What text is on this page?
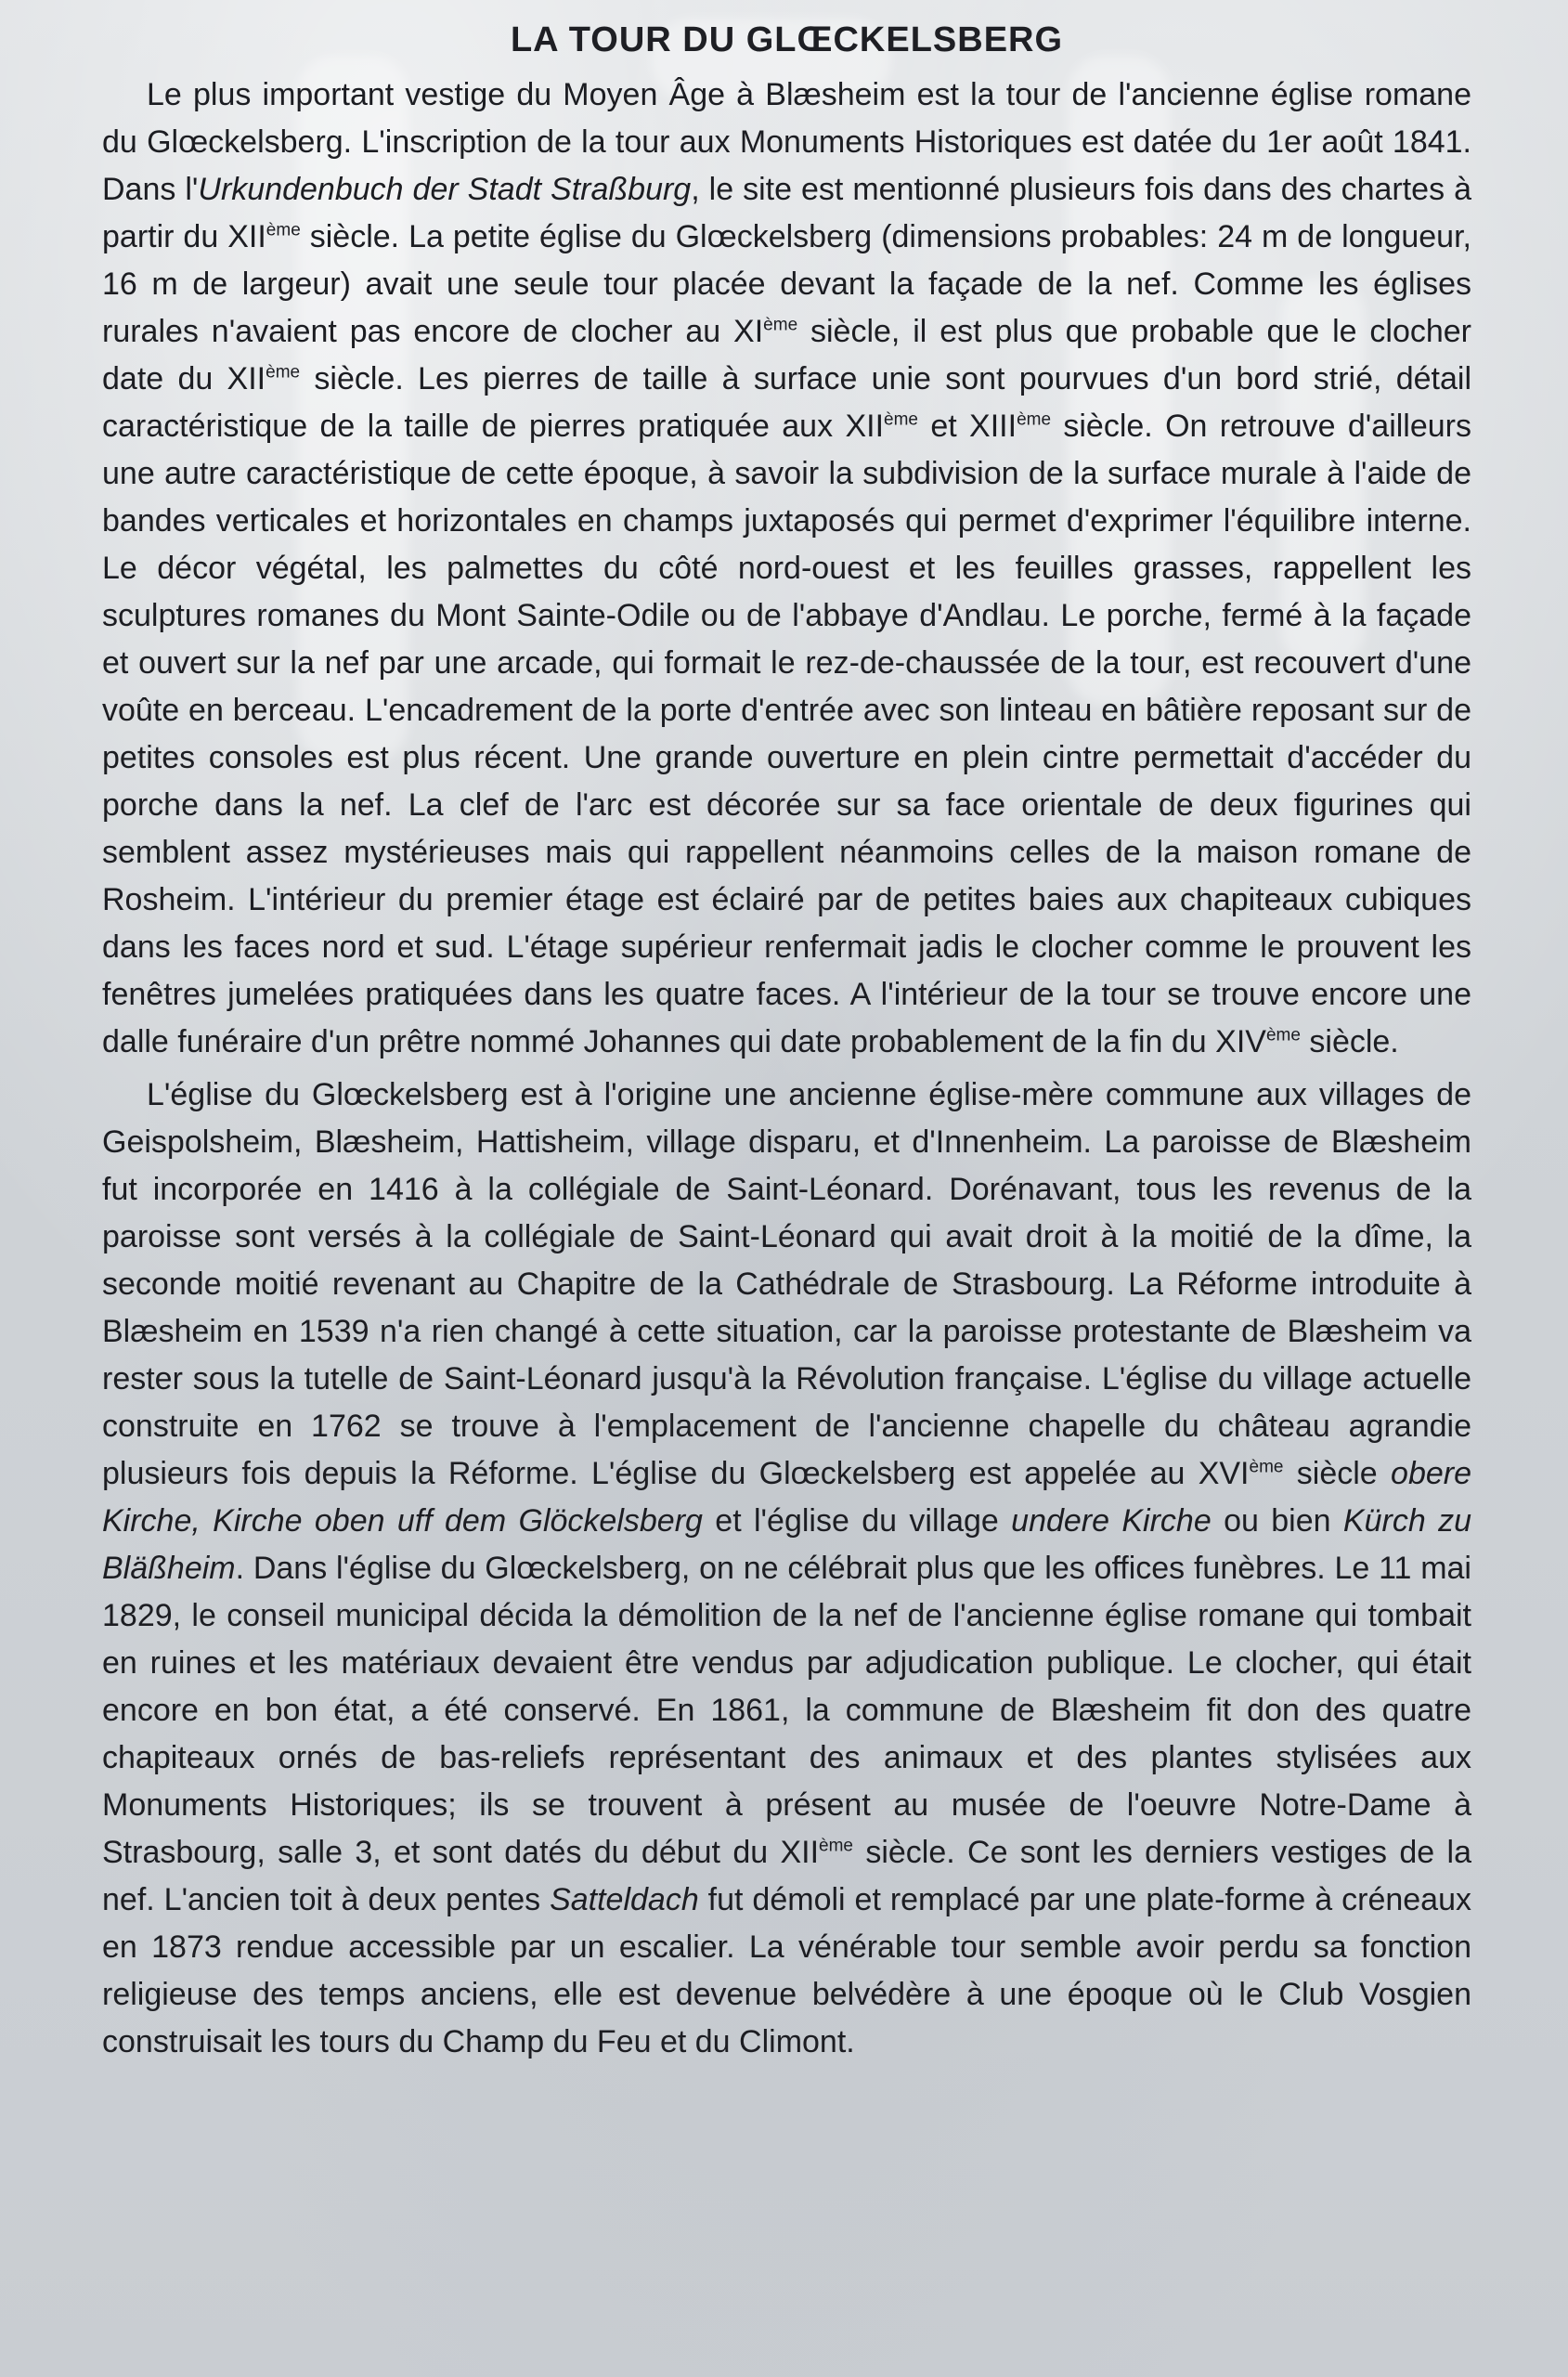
LA TOUR DU GLŒCKELSBERG

Le plus important vestige du Moyen Âge à Blæsheim est la tour de l'ancienne église romane du Glœckelsberg. L'inscription de la tour aux Monuments Historiques est datée du 1er août 1841. Dans l'Urkundenbuch der Stadt Straßburg, le site est mentionné plusieurs fois dans des chartes à partir du XIIème siècle. La petite église du Glœckelsberg (dimensions probables: 24 m de longueur, 16 m de largeur) avait une seule tour placée devant la façade de la nef. Comme les églises rurales n'avaient pas encore de clocher au XIème siècle, il est plus que probable que le clocher date du XIIème siècle. Les pierres de taille à surface unie sont pourvues d'un bord strié, détail caractéristique de la taille de pierres pratiquée aux XIIème et XIIIème siècle. On retrouve d'ailleurs une autre caractéristique de cette époque, à savoir la subdivision de la surface murale à l'aide de bandes verticales et horizontales en champs juxtaposés qui permet d'exprimer l'équilibre interne. Le décor végétal, les palmettes du côté nord-ouest et les feuilles grasses, rappellent les sculptures romanes du Mont Sainte-Odile ou de l'abbaye d'Andlau. Le porche, fermé à la façade et ouvert sur la nef par une arcade, qui formait le rez-de-chaussée de la tour, est recouvert d'une voûte en berceau. L'encadrement de la porte d'entrée avec son linteau en bâtière reposant sur de petites consoles est plus récent. Une grande ouverture en plein cintre permettait d'accéder du porche dans la nef. La clef de l'arc est décorée sur sa face orientale de deux figurines qui semblent assez mystérieuses mais qui rappellent néanmoins celles de la maison romane de Rosheim. L'intérieur du premier étage est éclairé par de petites baies aux chapiteaux cubiques dans les faces nord et sud. L'étage supérieur renfermait jadis le clocher comme le prouvent les fenêtres jumelées pratiquées dans les quatre faces. A l'intérieur de la tour se trouve encore une dalle funéraire d'un prêtre nommé Johannes qui date probablement de la fin du XIVème siècle.

L'église du Glœckelsberg est à l'origine une ancienne église-mère commune aux villages de Geispolsheim, Blæsheim, Hattisheim, village disparu, et d'Innenheim. La paroisse de Blæsheim fut incorporée en 1416 à la collégiale de Saint-Léonard. Dorénavant, tous les revenus de la paroisse sont versés à la collégiale de Saint-Léonard qui avait droit à la moitié de la dîme, la seconde moitié revenant au Chapitre de la Cathédrale de Strasbourg. La Réforme introduite à Blæsheim en 1539 n'a rien changé à cette situation, car la paroisse protestante de Blæsheim va rester sous la tutelle de Saint-Léonard jusqu'à la Révolution française. L'église du village actuelle construite en 1762 se trouve à l'emplacement de l'ancienne chapelle du château agrandie plusieurs fois depuis la Réforme. L'église du Glœckelsberg est appelée au XVIème siècle obere Kirche, Kirche oben uff dem Glöckelsberg et l'église du village undere Kirche ou bien Kürch zu Bläßheim. Dans l'église du Glœckelsberg, on ne célébrait plus que les offices funèbres. Le 11 mai 1829, le conseil municipal décida la démolition de la nef de l'ancienne église romane qui tombait en ruines et les matériaux devaient être vendus par adjudication publique. Le clocher, qui était encore en bon état, a été conservé. En 1861, la commune de Blæsheim fit don des quatre chapiteaux ornés de bas-reliefs représentant des animaux et des plantes stylisées aux Monuments Historiques; ils se trouvent à présent au musée de l'oeuvre Notre-Dame à Strasbourg, salle 3, et sont datés du début du XIIème siècle. Ce sont les derniers vestiges de la nef. L'ancien toit à deux pentes Satteldach fut démoli et remplacé par une plate-forme à créneaux en 1873 rendue accessible par un escalier. La vénérable tour semble avoir perdu sa fonction religieuse des temps anciens, elle est devenue belvédère à une époque où le Club Vosgien construisait les tours du Champ du Feu et du Climont.
